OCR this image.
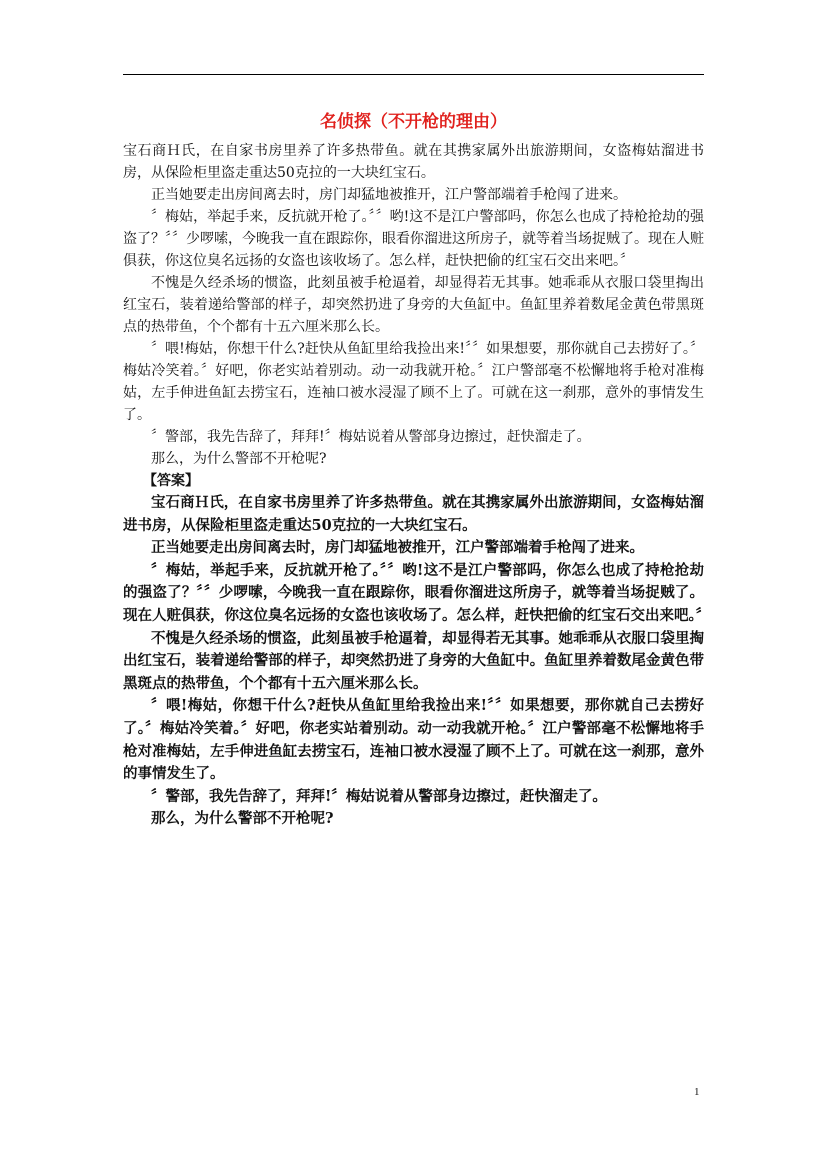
名侦探（不开枪的理由）

宝石商Ｈ氏，在自家书房里养了许多热带鱼。就在其携家属外出旅游期间，女盗梅姑溜进书房，从保险柜里盗走重达50克拉的一大块红宝石。

正当她要走出房间离去时，房门却猛地被推开，江户警部端着手枪闯了进来。

〞梅姑，举起手来，反抗就开枪了。〞〞哟!这不是江户警部吗，你怎么也成了持枪抢劫的强盗了？〞〞少啰嗦，今晚我一直在跟踪你，眼看你溜进这所房子，就等着当场捉贼了。现在人赃俱获，你这位臭名远扬的女盗也该收场了。怎么样，赶快把偷的红宝石交出来吧。〞

不愧是久经杀场的惯盗，此刻虽被手枪逼着，却显得若无其事。她乖乖从衣服口袋里掏出红宝石，装着递给警部的样子，却突然扔进了身旁的大鱼缸中。鱼缸里养着数尾金黄色带黑斑点的热带鱼，个个都有十五六厘米那么长。

〞喂!梅姑，你想干什么?赶快从鱼缸里给我捡出来!〞〞如果想要，那你就自己去捞好了。〞梅姑冷笑着。〞好吧，你老实站着别动。动一动我就开枪。〞江户警部毫不松懈地将手枪对准梅姑，左手伸进鱼缸去捞宝石，连袖口被水浸湿了顾不上了。可就在这一刹那，意外的事情发生了。

〞警部，我先告辞了，拜拜!〞梅姑说着从警部身边擦过，赶快溜走了。

那么，为什么警部不开枪呢?

【答案】

宝石商Ｈ氏，在自家书房里养了许多热带鱼。就在其携家属外出旅游期间，女盗梅姑溜进书房，从保险柜里盗走重达50克拉的一大块红宝石。

正当她要走出房间离去时，房门却猛地被推开，江户警部端着手枪闯了进来。

〞梅姑，举起手来，反抗就开枪了。〞〞哟!这不是江户警部吗，你怎么也成了持枪抢劫的强盗了？〞〞少啰嗦，今晚我一直在跟踪你，眼看你溜进这所房子，就等着当场捉贼了。现在人赃俱获，你这位臭名远扬的女盗也该收场了。怎么样，赶快把偷的红宝石交出来吧。〞

不愧是久经杀场的惯盗，此刻虽被手枪逼着，却显得若无其事。她乖乖从衣服口袋里掏出红宝石，装着递给警部的样子，却突然扔进了身旁的大鱼缸中。鱼缸里养着数尾金黄色带黑斑点的热带鱼，个个都有十五六厘米那么长。

〞喂!梅姑，你想干什么?赶快从鱼缸里给我捡出来!〞〞如果想要，那你就自己去捞好了。〞梅姑冷笑着。〞好吧，你老实站着别动。动一动我就开枪。〞江户警部毫不松懈地将手枪对准梅姑，左手伸进鱼缸去捞宝石，连袖口被水浸湿了顾不上了。可就在这一刹那，意外的事情发生了。

〞警部，我先告辞了，拜拜!〞梅姑说着从警部身边擦过，赶快溜走了。

那么，为什么警部不开枪呢?

1
